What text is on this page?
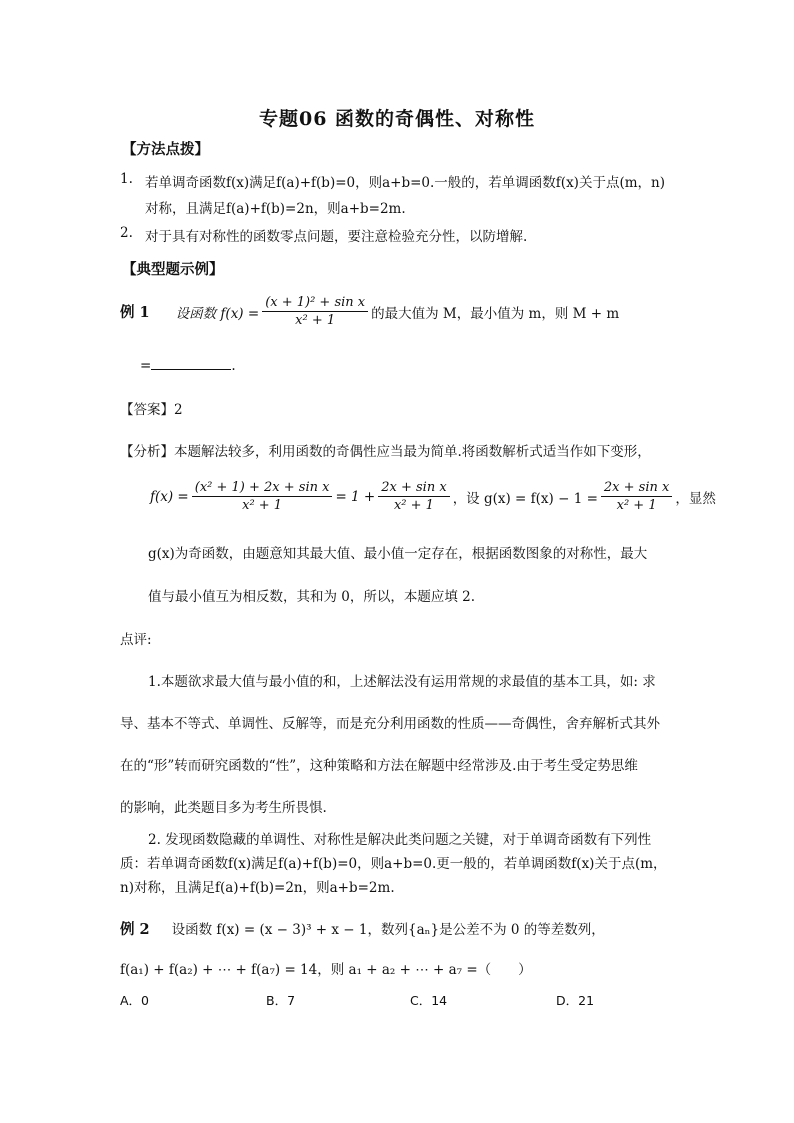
专题06 函数的奇偶性、对称性
【方法点拨】
1. 若单调奇函数f(x)满足f(a)+f(b)=0，则a+b=0.一般的，若单调函数f(x)关于点(m，n)
对称，且满足f(a)+f(b)=2n，则a+b=2m.
2. 对于具有对称性的函数零点问题，要注意检验充分性，以防增解.
【典型题示例】
例 1 设函数 $f(x) = \frac{\text{(x + 1)² + sin x}}{\text{x² + 1}}$ 的最大值为 M，最小值为 m，则 M + m
=	.
【答案】2
【分析】本题解法较多，利用函数的奇偶性应当最为简单.将函数解析式适当作如下变形，
$f(x) = \frac{\text{(x² + 1) + 2x + sin x}}{\text{x² + 1}} = 1 + \frac{\text{2x + sin x}}{\text{x² + 1}}$ ，设 $g(x) = f(x) - 1 = \frac{\text{2x + sin x}}{\text{x² + 1}}$ ，显然
g(x)为奇函数，由题意知其最大值、最小值一定存在，根据函数图象的对称性，最大
值与最小值互为相反数，其和为 0，所以，本题应填 2.
点评:
1.本题欲求最大值与最小值的和，上述解法没有运用常规的求最值的基本工具，如: 求
导、基本不等式、单调性、反解等，而是充分利用函数的性质——奇偶性，舍弃解析式其外
在的“形”转而研究函数的“性”，这种策略和方法在解题中经常涉及.由于考生受定势思维
的影响，此类题目多为考生所畏惧.
2. 发现函数隐藏的单调性、对称性是解决此类问题之关键，对于单调奇函数有下列性
质：若单调奇函数f(x)满足f(a)+f(b)=0，则a+b=0.更一般的，若单调函数f(x)关于点(m，
n)对称，且满足f(a)+f(b)=2n，则a+b=2m.
例 2 设函数 f(x) = (x − 3)³ + x − 1，数列{aₙ}是公差不为 0 的等差数列，
f(a₁) + f(a₂) + ⋯ + f(a₇) = 14，则 a₁ + a₂ + ⋯ + a₇ =（　　）
A．0	B．7	C．14	D．21
